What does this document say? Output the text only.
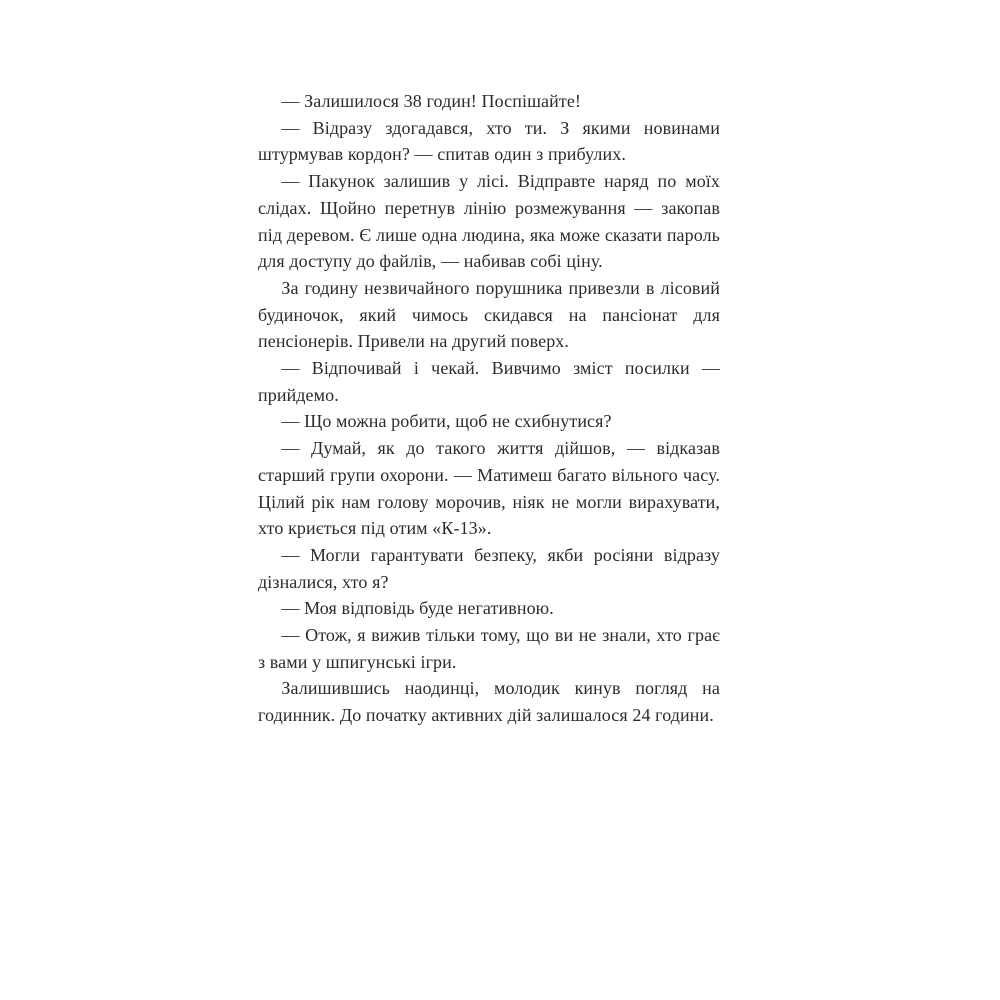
— Залишилося 38 годин! Поспішайте!

— Відразу здогадався, хто ти. З якими новинами штурмував кордон? — спитав один з прибулих.

— Пакунок залишив у лісі. Відправте наряд по моїх слідах. Щойно перетнув лінію розмежування — закопав під деревом. Є лише одна людина, яка може сказати пароль для доступу до файлів, — набивав собі ціну.

За годину незвичайного порушника привезли в лісовий будиночок, який чимось скидався на пансіонат для пенсіонерів. Привели на другий поверх.

— Відпочивай і чекай. Вивчимо зміст посилки — прийдемо.

— Що можна робити, щоб не схибнутися?

— Думай, як до такого життя дійшов, — відказав старший групи охорони. — Матимеш багато вільного часу. Цілий рік нам голову морочив, ніяк не могли вирахувати, хто криється під отим «К-13».

— Могли гарантувати безпеку, якби росіяни відразу дізналися, хто я?

— Моя відповідь буде негативною.

— Отож, я вижив тільки тому, що ви не знали, хто грає з вами у шпигунські ігри.

Залишившись наодинці, молодик кинув погляд на годинник. До початку активних дій залишалося 24 години.
